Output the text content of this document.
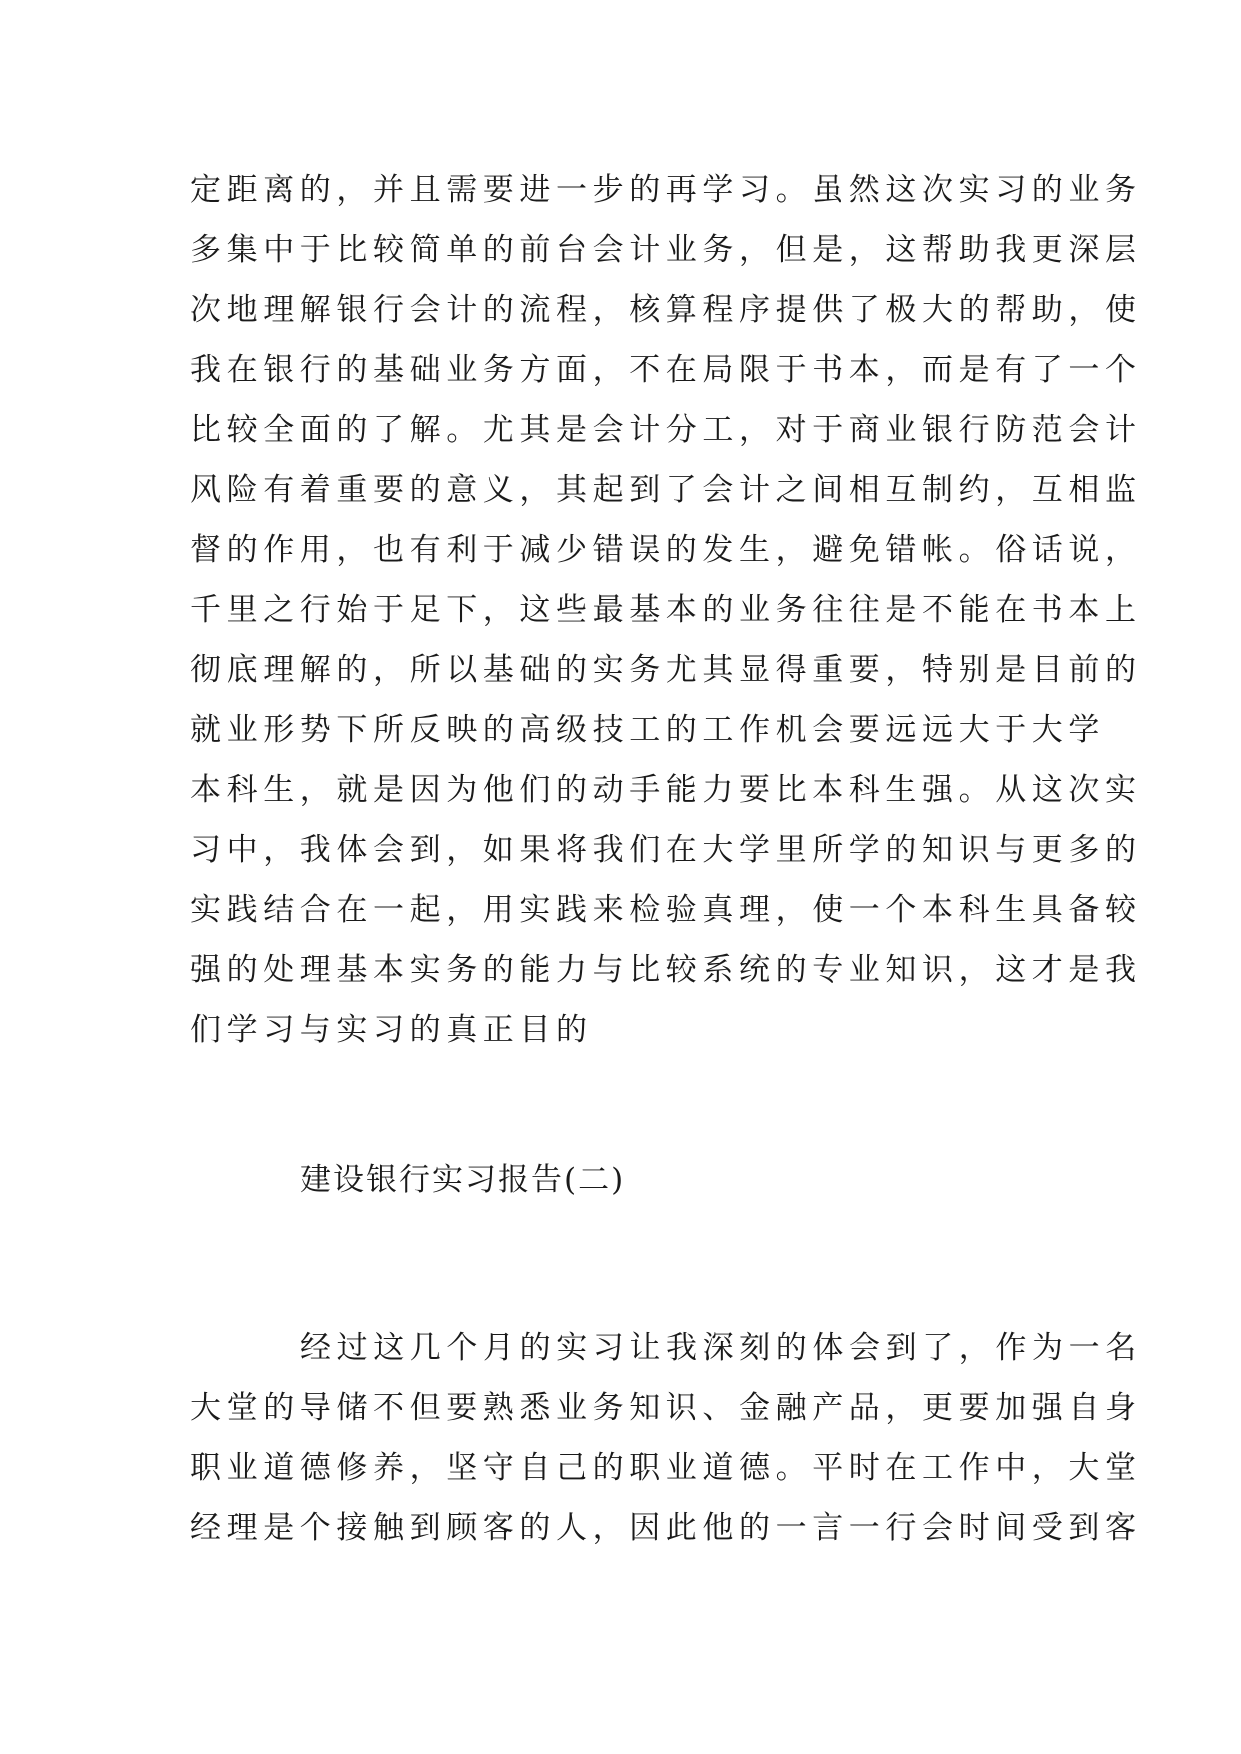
定距离的，并且需要进一步的再学习。虽然这次实习的业务
多集中于比较简单的前台会计业务，但是，这帮助我更深层
次地理解银行会计的流程，核算程序提供了极大的帮助，使
我在银行的基础业务方面，不在局限于书本，而是有了一个
比较全面的了解。尤其是会计分工，对于商业银行防范会计
风险有着重要的意义，其起到了会计之间相互制约，互相监
督的作用，也有利于减少错误的发生，避免错帐。俗话说，
千里之行始于足下，这些最基本的业务往往是不能在书本上
彻底理解的，所以基础的实务尤其显得重要，特别是目前的
就业形势下所反映的高级技工的工作机会要远远大于大学
本科生，就是因为他们的动手能力要比本科生强。从这次实
习中，我体会到，如果将我们在大学里所学的知识与更多的
实践结合在一起，用实践来检验真理，使一个本科生具备较
强的处理基本实务的能力与比较系统的专业知识，这才是我
们学习与实习的真正目的
建设银行实习报告(二)
经过这几个月的实习让我深刻的体会到了，作为一名
大堂的导储不但要熟悉业务知识、金融产品，更要加强自身
职业道德修养，坚守自己的职业道德。平时在工作中，大堂
经理是个接触到顾客的人，因此他的一言一行会时间受到客
